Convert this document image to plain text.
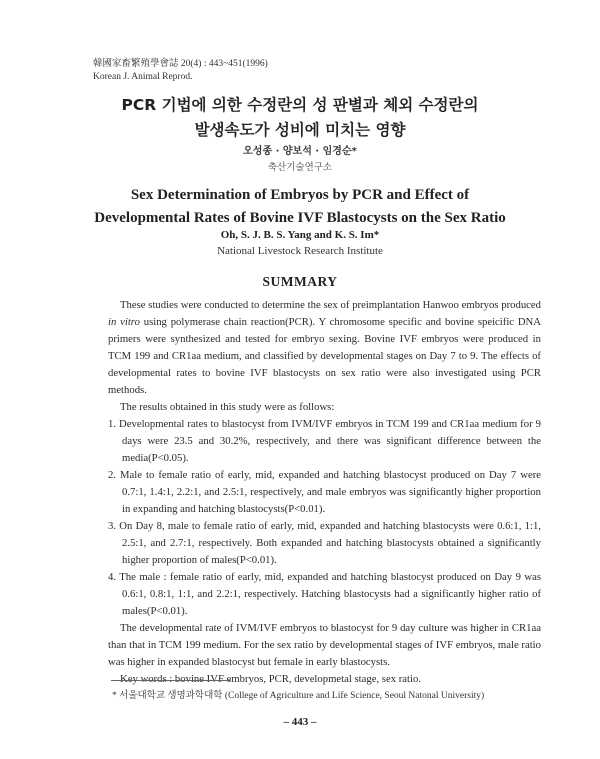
韓國家畜繁殖學會誌 20(4) : 443~451(1996)
Korean J. Animal Reprod.
PCR 기법에 의한 수정란의 성 판별과 체외 수정란의
발생속도가 성비에 미치는 영향
오성종 · 양보석 · 임경순*
축산기술연구소
Sex Determination of Embryos by PCR and Effect of
Developmental Rates of Bovine IVF Blastocysts on the Sex Ratio
Oh, S. J. B. S. Yang and K. S. Im*
National Livestock Research Institute
SUMMARY

These studies were conducted to determine the sex of preimplantation Hanwoo embryos produced in vitro using polymerase chain reaction(PCR). Y chromosome specific and bovine speicific DNA primers were synthesized and tested for embryo sexing. Bovine IVF embryos were produced in TCM 199 and CR1aa medium, and classified by developmental stages on Day 7 to 9. The effects of developmental rates to bovine IVF blastocysts on sex ratio were also investigated using PCR methods.

The results obtained in this study were as follows:

1. Developmental rates to blastocyst from IVM/IVF embryos in TCM 199 and CR1aa medium for 9 days were 23.5 and 30.2%, respectively, and there was significant difference between the media(P<0.05).

2. Male to female ratio of early, mid, expanded and hatching blastocyst produced on Day 7 were 0.7:1, 1.4:1, 2.2:1, and 2.5:1, respectively, and male embryos was significantly higher proportion in expanding and hatching blastocysts(P<0.01).

3. On Day 8, male to female ratio of early, mid, expanded and hatching blastocysts were 0.6:1, 1:1, 2.5:1, and 2.7:1, respectively. Both expanded and hatching blastocysts obtained a significantly higher proportion of males(P<0.01).

4. The male : female ratio of early, mid, expanded and hatching blastocyst produced on Day 9 was 0.6:1, 0.8:1, 1:1, and 2.2:1, respectively. Hatching blastocysts had a significantly higher ratio of males(P<0.01).

The developmental rate of IVM/IVF embryos to blastocyst for 9 day culture was higher in CR1aa than that in TCM 199 medium. For the sex ratio by developmental stages of IVF embryos, male ratio was higher in expanded blastocyst but female in early blastocysts.

Key words : bovine IVF embryos, PCR, developmetal stage, sex ratio.

* 서울대학교 생명과학대학 (College of Agriculture and Life Science, Seoul Natonal University)
– 443 –
